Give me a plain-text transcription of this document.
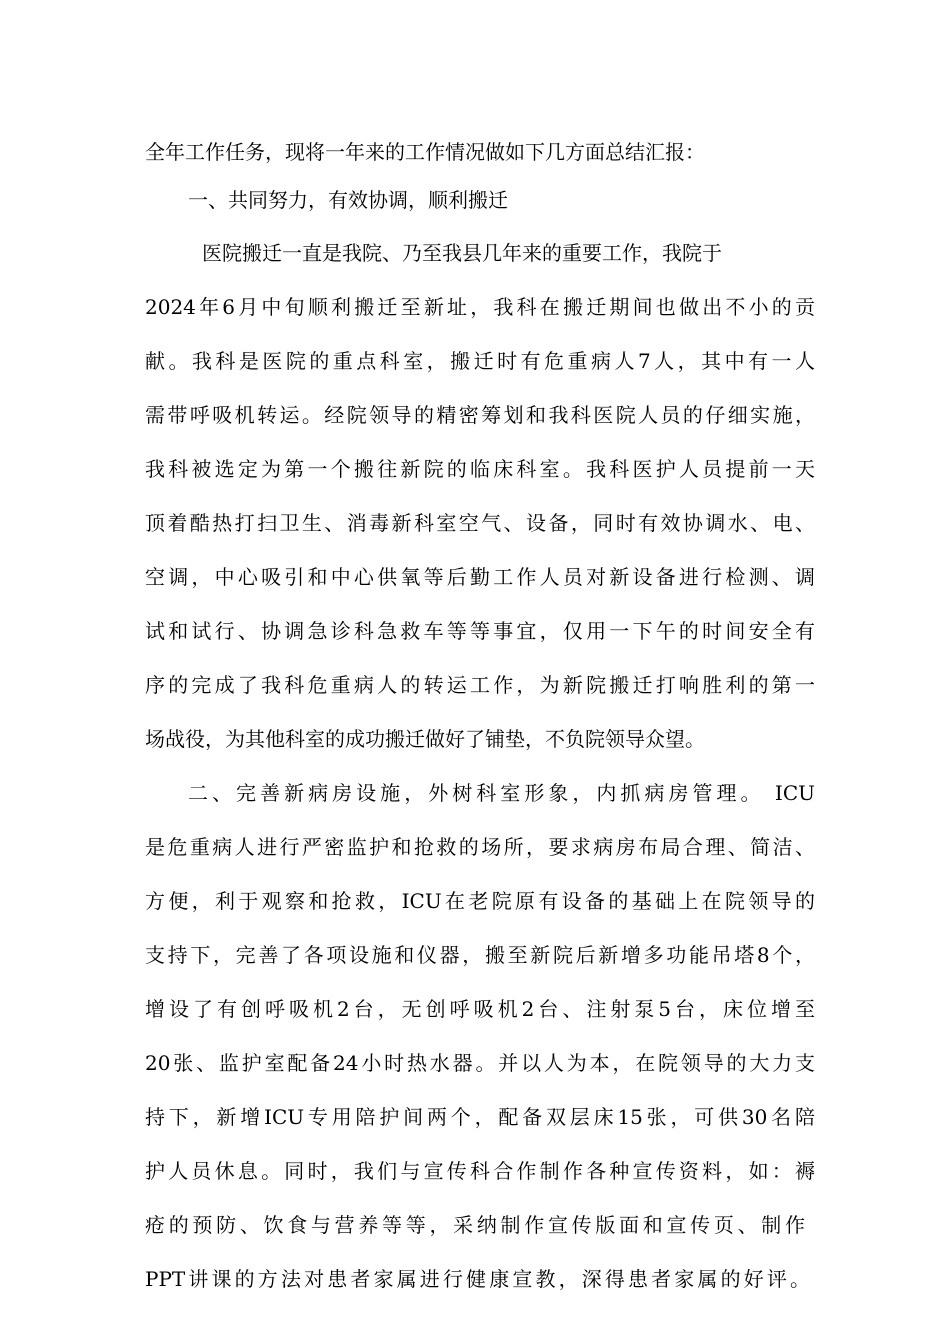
全年工作任务，现将一年来的工作情况做如下几方面总结汇报：
一、共同努力，有效协调，顺利搬迁
医院搬迁一直是我院、乃至我县几年来的重要工作，我院于
2024年6月中旬顺利搬迁至新址，我科在搬迁期间也做出不小的贡
献。我科是医院的重点科室，搬迁时有危重病人7人，其中有一人
需带呼吸机转运。经院领导的精密筹划和我科医院人员的仔细实施，
我科被选定为第一个搬往新院的临床科室。我科医护人员提前一天
顶着酷热打扫卫生、消毒新科室空气、设备，同时有效协调水、电、
空调，中心吸引和中心供氧等后勤工作人员对新设备进行检测、调
试和试行、协调急诊科急救车等等事宜，仅用一下午的时间安全有
序的完成了我科危重病人的转运工作，为新院搬迁打响胜利的第一
场战役，为其他科室的成功搬迁做好了铺垫，不负院领导众望。
二、完善新病房设施，外树科室形象，内抓病房管理。 ICU
是危重病人进行严密监护和抢救的场所，要求病房布局合理、简洁、
方便，利于观察和抢救，ICU在老院原有设备的基础上在院领导的
支持下，完善了各项设施和仪器，搬至新院后新增多功能吊塔8个，
增设了有创呼吸机2台，无创呼吸机2台、注射泵5台，床位增至
20张、监护室配备24小时热水器。并以人为本，在院领导的大力支
持下，新增ICU专用陪护间两个，配备双层床15张，可供30名陪
护人员休息。同时，我们与宣传科合作制作各种宣传资料，如：褥
疮的预防、饮食与营养等等，采纳制作宣传版面和宣传页、制作
PPT讲课的方法对患者家属进行健康宣教，深得患者家属的好评。
